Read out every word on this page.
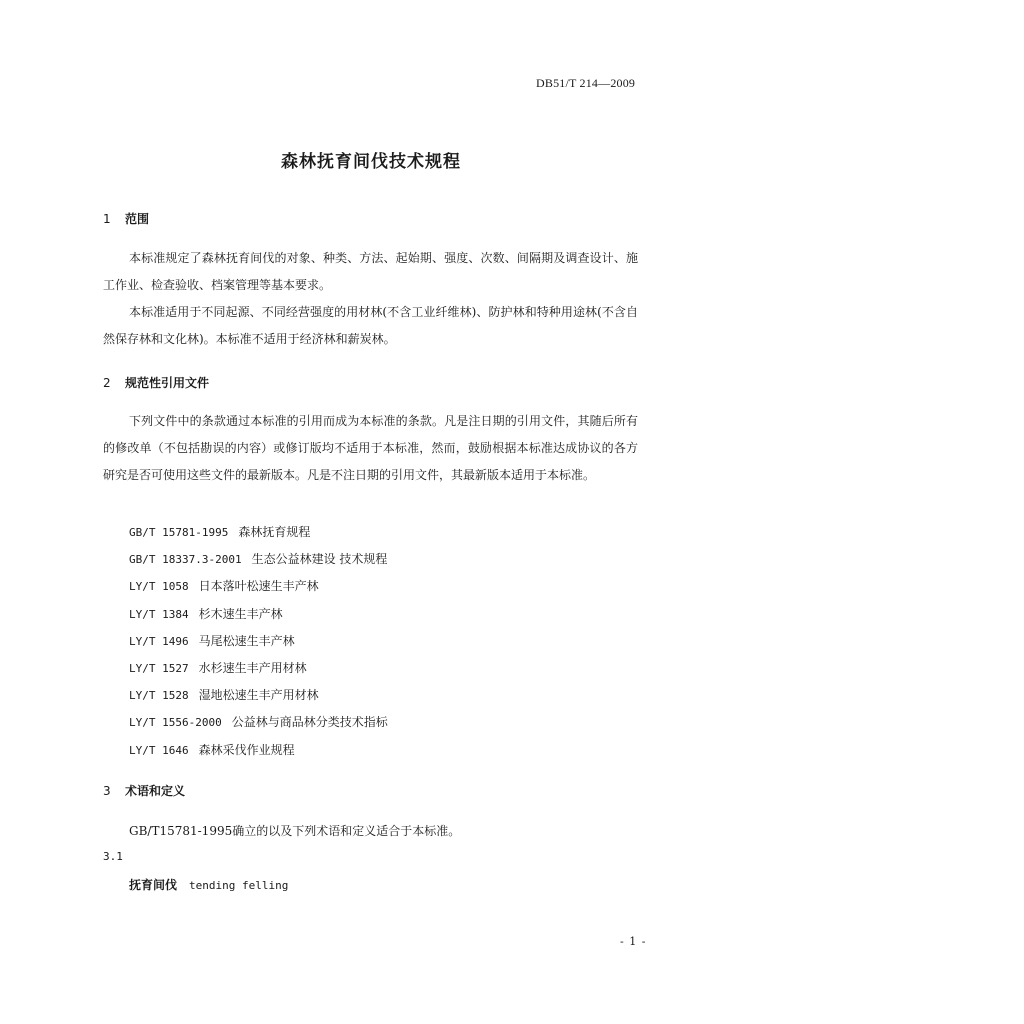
DB51/T 214—2009
森林抚育间伐技术规程
1 范围

本标准规定了森林抚育间伐的对象、种类、方法、起始期、强度、次数、间隔期及调查设计、施工作业、检查验收、档案管理等基本要求。

本标准适用于不同起源、不同经营强度的用材林(不含工业纤维林)、防护林和特种用途林(不含自然保存林和文化林)。本标准不适用于经济林和薪炭林。

2 规范性引用文件

下列文件中的条款通过本标准的引用而成为本标准的条款。凡是注日期的引用文件，其随后所有的修改单（不包括勘误的内容）或修订版均不适用于本标准，然而，鼓励根据本标准达成协议的各方研究是否可使用这些文件的最新版本。凡是不注日期的引用文件，其最新版本适用于本标准。

GB/T 15781-1995 森林抚育规程
GB/T 18337.3-2001 生态公益林建设 技术规程
LY/T 1058 日本落叶松速生丰产林
LY/T 1384 杉木速生丰产林
LY/T 1496 马尾松速生丰产林
LY/T 1527 水杉速生丰产用材林
LY/T 1528 湿地松速生丰产用材林
LY/T 1556-2000 公益林与商品林分类技术指标
LY/T 1646 森林采伐作业规程
3 术语和定义
GB/T15781-1995确立的以及下列术语和定义适合于本标准。
3.1
抚育间伐 tending felling
- 1 -
